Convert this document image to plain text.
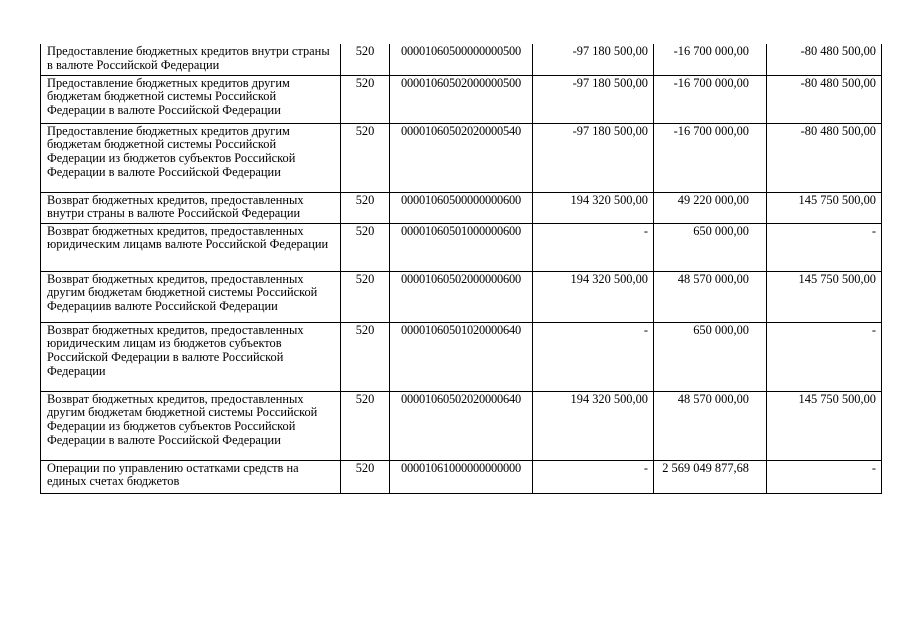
Предоставление бюджетных кредитов внутри страны в валюте Российской Федерации	520	00001060500000000500	-97 180 500,00	-16 700 000,00	-80 480 500,00
Предоставление бюджетных кредитов другим бюджетам бюджетной системы Российской Федерации в валюте Российской Федерации	520	00001060502000000500	-97 180 500,00	-16 700 000,00	-80 480 500,00
Предоставление бюджетных кредитов другим бюджетам бюджетной системы Российской Федерации из бюджетов субъектов Российской Федерации в валюте Российской Федерации	520	00001060502020000540	-97 180 500,00	-16 700 000,00	-80 480 500,00
Возврат бюджетных кредитов, предоставленных внутри страны в валюте Российской Федерации	520	00001060500000000600	194 320 500,00	49 220 000,00	145 750 500,00
Возврат бюджетных кредитов, предоставленных юридическим лицамв валюте Российской Федерации	520	00001060501000000600	-	650 000,00	-
Возврат бюджетных кредитов, предоставленных другим бюджетам бюджетной системы Российской Федерациив валюте Российской Федерации	520	00001060502000000600	194 320 500,00	48 570 000,00	145 750 500,00
Возврат бюджетных кредитов, предоставленных юридическим лицам из бюджетов субъектов Российской Федерации в валюте Российской Федерации	520	00001060501020000640	-	650 000,00	-
Возврат бюджетных кредитов, предоставленных другим бюджетам бюджетной системы Российской Федерации из бюджетов субъектов Российской Федерации в валюте Российской Федерации	520	00001060502020000640	194 320 500,00	48 570 000,00	145 750 500,00
Операции по управлению остатками средств на единых счетах бюджетов	520	00001061000000000000	-	2 569 049 877,68	-
